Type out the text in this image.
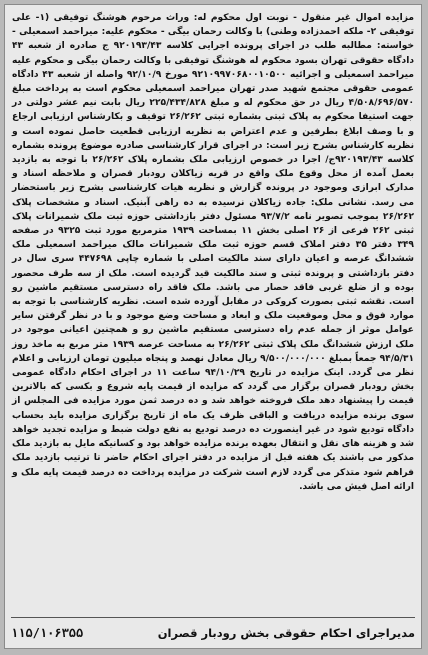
مزایده اموال غیر منقول - نوبت اول محکوم له: وراث مرحوم هوشنگ توفیقی (۱- علی توفیقی ۲- ملکه احمدزاده وطنی) با وکالت رحمان بیگی - محکوم علیه: میراحمد اسمعیلی - خواسته: مطالبه طلب در اجرای پرونده اجرایی کلاسه ۹۲۰۱۹۳/۴۳ ج صادره از شعبه ۴۳ دادگاه حقوقی تهران بسود محکوم له هوشنگ توفیقی با وکالت رحمان بیگی و محکوم علیه میراحمد اسمعیلی و اجرائیه ۹۲۱۰۹۹۷۰۶۸۰۰۱۰۵۰۰ مورخ ۹۲/۱۰/۹ واصله از شعبه ۴۳ دادگاه عمومی حقوقی مجتمع شهید صدر تهران میراحمد اسمعیلی محکوم است به پرداخت مبلغ ۴/۵۰۸/۶۹۶/۵۷۰ ریال در حق محکوم له و مبلغ ۲۲۵/۴۳۴/۸۲۸ ریال بابت نیم عشر دولتی در جهت استیفا محکوم به پلاک ثبتی بشماره ثبتی ۲۶/۲۶۲ توقیف و بکارشناس ارزیابی ارجاع و با وصف ابلاغ بطرفین و عدم اعتراض به نظریه ارزیابی قطعیت حاصل نموده است و نظریه کارشناس بشرح زیر است: در اجرای قرار کارشناسی صادره موضوع پرونده بشماره کلاسه ۹۲۰۱۹۳/۴۳ج/ اجرا در خصوص ارزیابی ملک بشماره پلاک ۲۶/۲۶۲ با توجه به بازدید بعمل آمده از محل وقوع ملک واقع در قریه زیاکلان رودبار قصران و ملاحظه اسناد و مدارک ابرازی وموجود در پرونده گزارش و نظریه هیات کارشناسی بشرح زیر باستحضار می رسد. نشانی ملک: جاده زیاکلان نرسیده به ده راهی آبنیک. اسناد و مشخصات پلاک ۲۶/۲۶۲ بموجب تصویر نامه ۹۳/۷/۲ مسئول دفتر بازداشتی حوزه ثبت ملک شمیرانات پلاک ثبتی ۲۶۲ فرعی از ۲۶ اصلی بخش ۱۱ بمساحت ۱۹۳۹ مترمربع مورد ثبت ۹۳۲۵ در صفحه ۳۴۹ دفتر ۳۵ دفتر املاک قسم حوزه ثبت ملک شمیرانات مالک میراحمد اسمعیلی ملک ششدانگ عرصه و اعیان دارای سند مالکیت اصلی با شماره چاپی ۴۴۷۶۹۸ سری سال در دفتر بازداشتی و پرونده ثبتی و سند مالکیت قید گردیده است. ملک از سه طرف محصور بوده و از ضلع غربی فاقد حصار می باشد. ملک فاقد راه دسترسی مستقیم ماشین رو است. نقشه ثبتی بصورت کروکی در مقابل آورده شده است. نظریه کارشناسی با توجه به موارد فوق و محل وموقعیت ملک و ابعاد و مساحت وضع موجود و با در نظر گرفتن سایر عوامل موثر از جمله عدم راه دسترسی مستقیم ماشین رو و همچنین اعیانی موجود در ملک ارزش ششدانگ ملک پلاک ثبتی ۲۶/۲۶۲ به مساحت عرصه ۱۹۳۹ متر مربع به ماخذ روز ۹۴/۵/۳۱ جمعاً بمبلغ ۹/۵۰۰/۰۰۰/۰۰۰ ریال معادل نهصد و پنجاه میلیون تومان ارزیابی و اعلام نظر می گردد. اینک مزایده در تاریخ ۹۴/۱۰/۲۹ ساعت ۱۱ در اجرای احکام دادگاه عمومی بخش رودبار قصران برگزار می گردد که مزایده از قیمت پایه شروع و بکسی که بالاترین قیمت را پیشنهاد دهد ملک فروخته خواهد شد و ده درصد ثمن مورد مزایده فی المجلس از سوی برنده مزایده دریافت و الباقی ظرف یک ماه از تاریخ برگزاری مزایده باید بحساب دادگاه تودیع شود در غیر اینصورت ده درصد تودیع به نفع دولت ضبط و مزایده تجدید خواهد شد و هزینه های نقل و انتقال بعهده برنده مزایده خواهد بود و کسانیکه مایل به بازدید ملک مذکور می باشند یک هفته قبل از مزایده در دفتر اجرای احکام حاضر تا ترتیب بازدید ملک فراهم شود متذکر می گردد لازم است شرکت در مزایده پرداخت ده درصد قیمت پایه ملک و ارائه اصل فیش می باشد.
۱۱۵/۱۰۶۳۵۵	مدیراجرای احکام حقوقی بخش رودبار قصران
